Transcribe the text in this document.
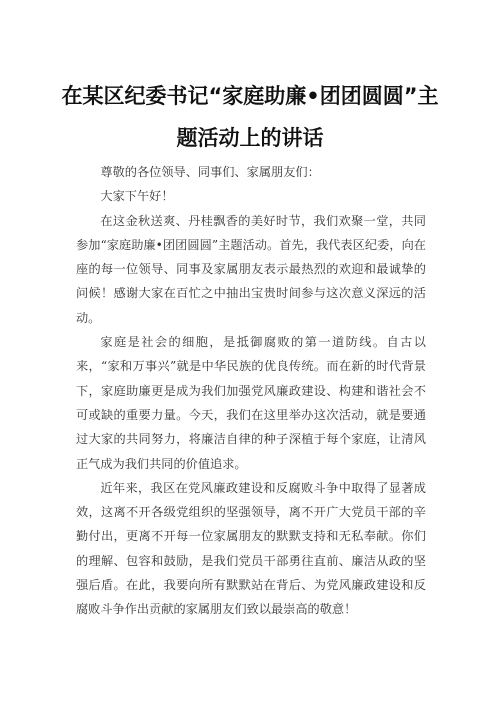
在某区纪委书记“家庭助廉•团团圆圆”主
题活动上的讲话

尊敬的各位领导、同事们、家属朋友们：

大家下午好！

在这金秋送爽、丹桂飘香的美好时节，我们欢聚一堂，共同参加“家庭助廉•团团圆圆”主题活动。首先，我代表区纪委，向在座的每一位领导、同事及家属朋友表示最热烈的欢迎和最诚挚的问候！感谢大家在百忙之中抽出宝贵时间参与这次意义深远的活动。

家庭是社会的细胞，是抵御腐败的第一道防线。自古以来，“家和万事兴”就是中华民族的优良传统。而在新的时代背景下，家庭助廉更是成为我们加强党风廉政建设、构建和谐社会不可或缺的重要力量。今天，我们在这里举办这次活动，就是要通过大家的共同努力，将廉洁自律的种子深植于每个家庭，让清风正气成为我们共同的价值追求。

近年来，我区在党风廉政建设和反腐败斗争中取得了显著成效，这离不开各级党组织的坚强领导，离不开广大党员干部的辛勤付出，更离不开每一位家属朋友的默默支持和无私奉献。你们的理解、包容和鼓励，是我们党员干部勇往直前、廉洁从政的坚强后盾。在此，我要向所有默默站在背后、为党风廉政建设和反腐败斗争作出贡献的家属朋友们致以最崇高的敬意！
